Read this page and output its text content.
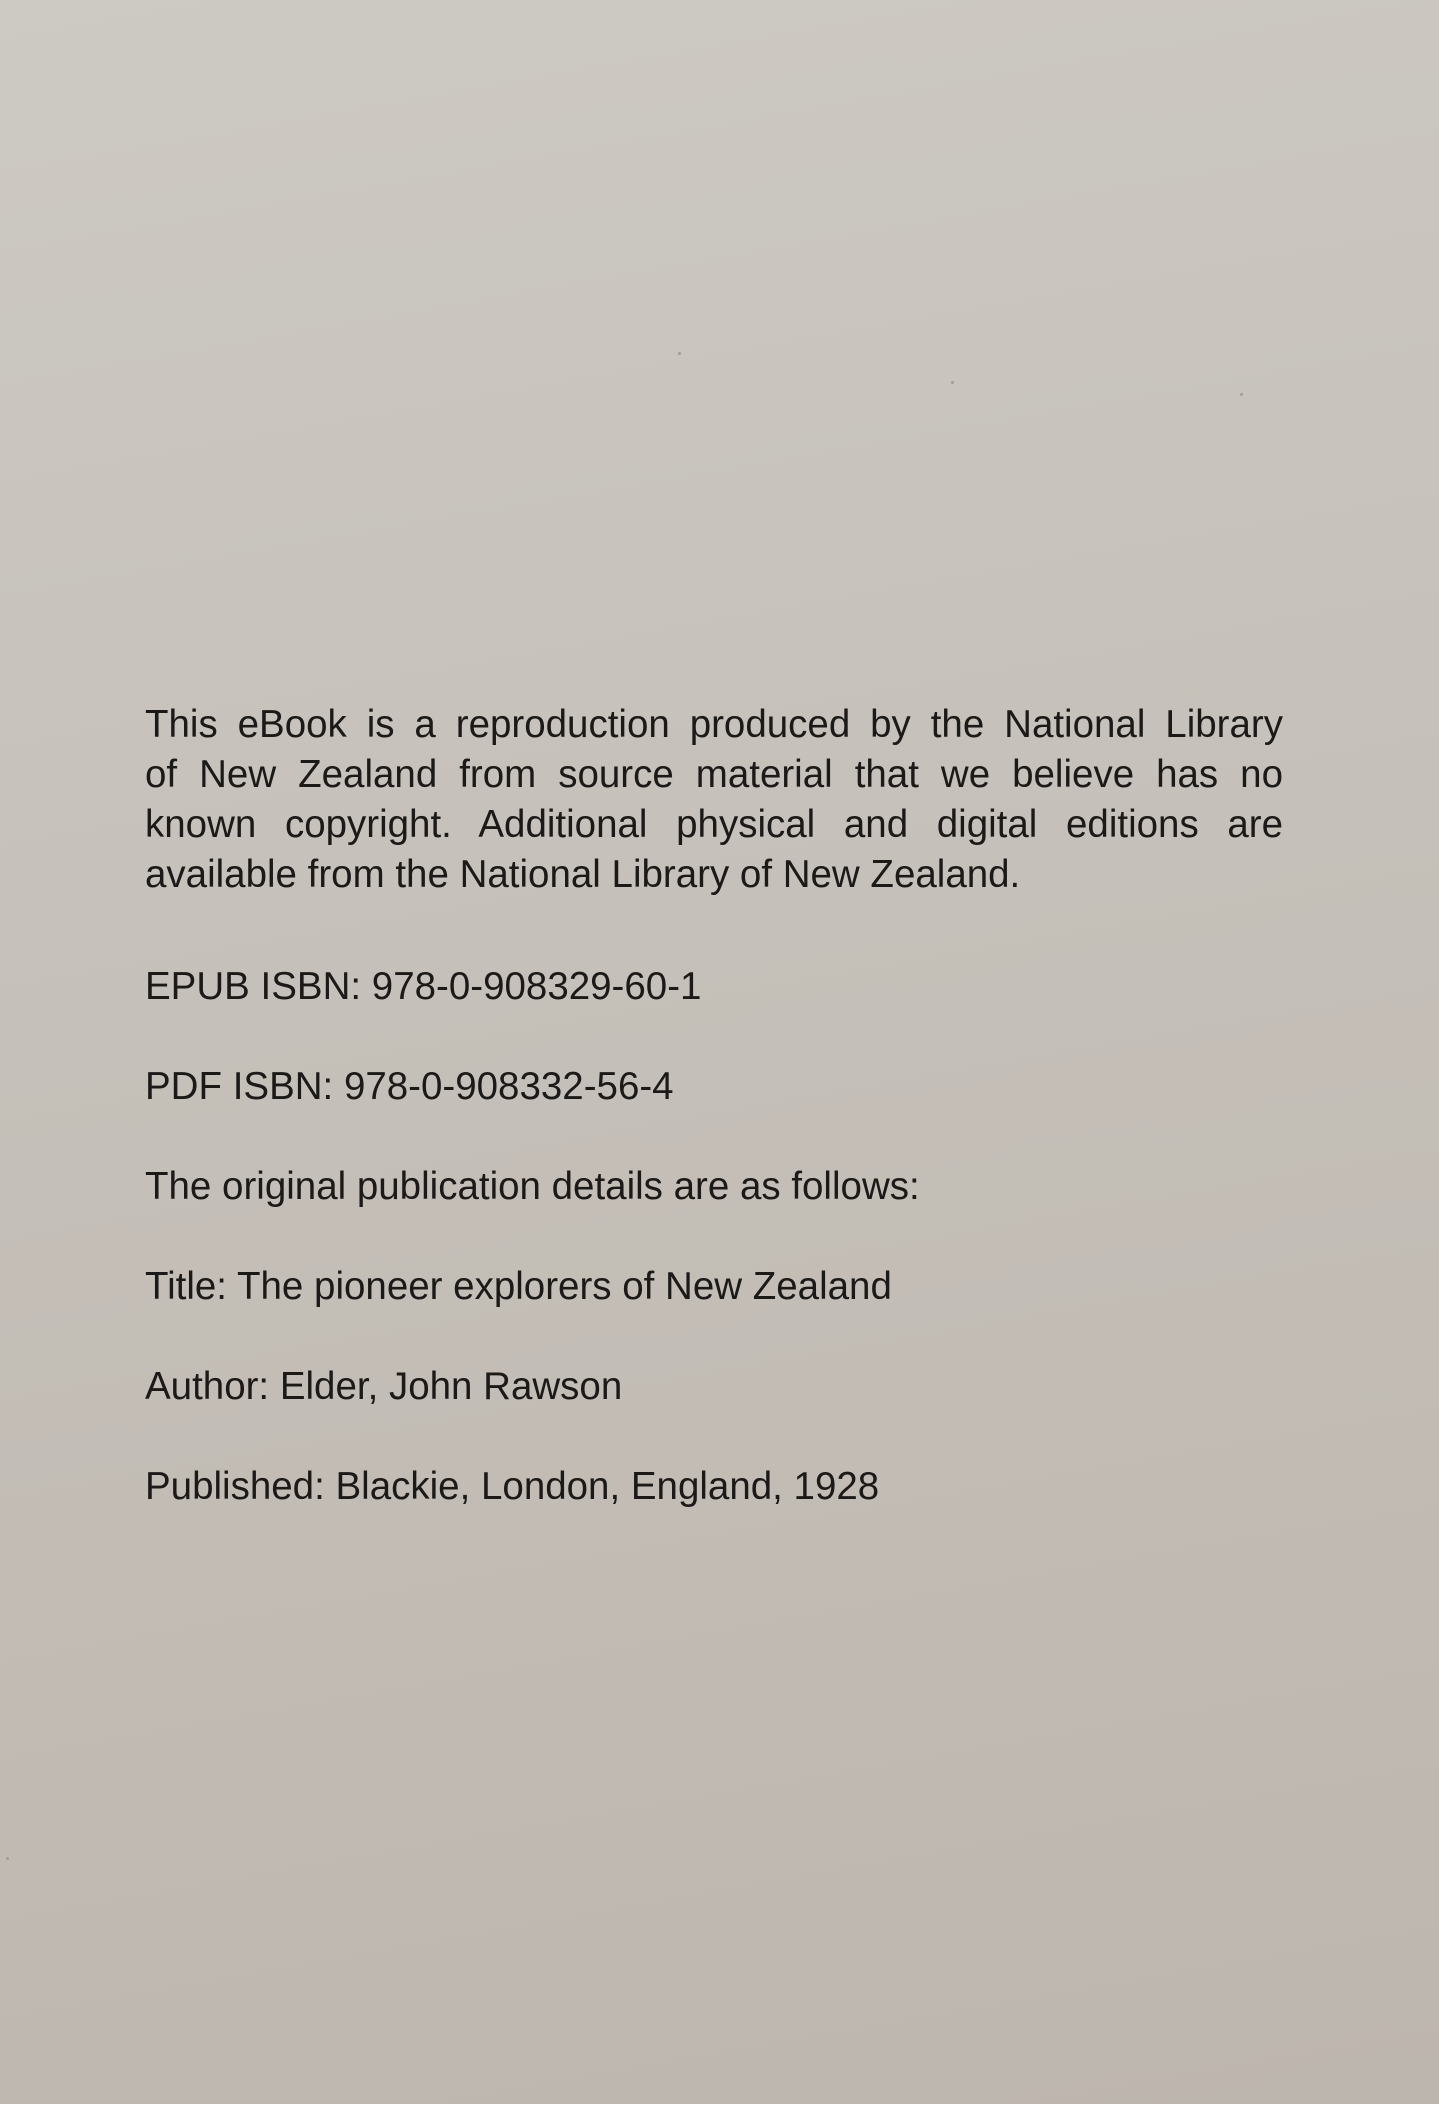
This eBook is a reproduction produced by the National Library
of New Zealand from source material that we believe has no
known copyright. Additional physical and digital editions are
available from the National Library of New Zealand.

EPUB ISBN: 978-0-908329-60-1

PDF ISBN: 978-0-908332-56-4

The original publication details are as follows:

Title: The pioneer explorers of New Zealand

Author: Elder, John Rawson

Published: Blackie, London, England, 1928
